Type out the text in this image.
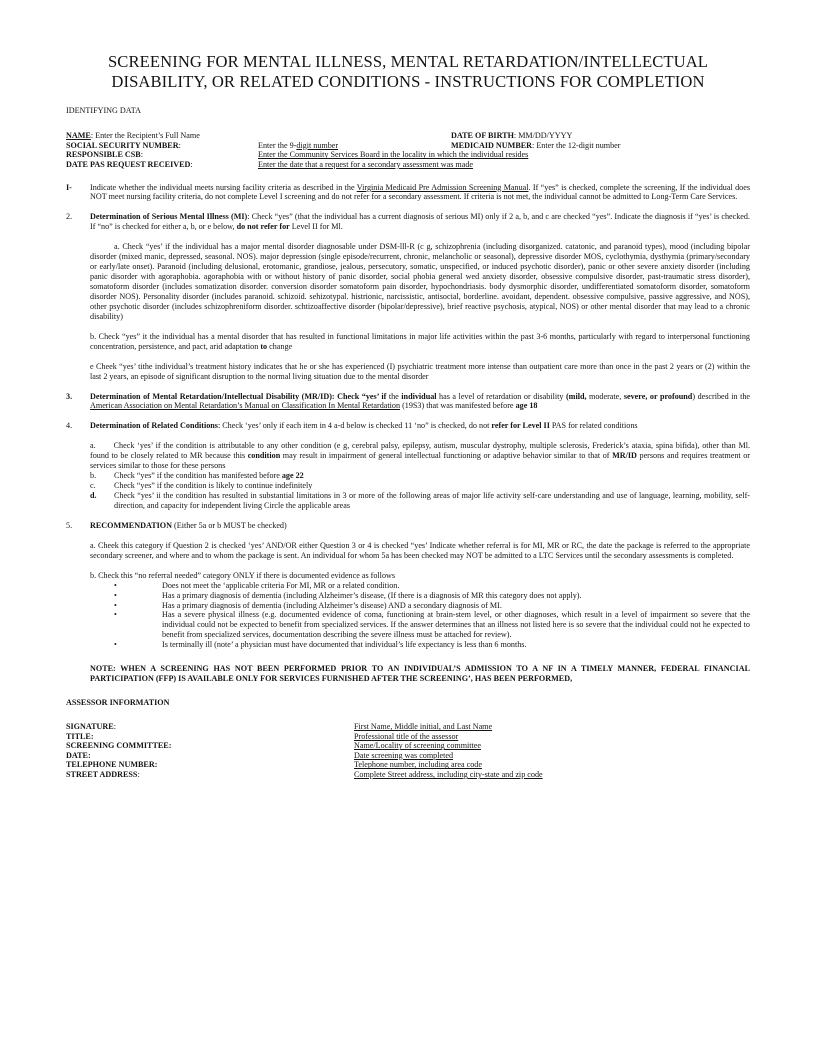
SCREENING FOR MENTAL ILLNESS, MENTAL RETARDATION/INTELLECTUAL
DISABILITY, OR RELATED CONDITIONS - INSTRUCTIONS FOR COMPLETION
IDENTIFYING DATA
NAME: Enter the Recipient’s Full Name		DATE OF BIRTH: MM/DD/YYYY
SOCIAL SECURITY NUMBER:	Enter the 9-digit number	MEDICAID NUMBER: Enter the 12-digit number
RESPONSIBLE CSB:	Enter the Community Services Board in the locality in which the individual resides	
DATE PAS REQUEST RECEIVED:	Enter the date that a request for a secondary assessment was made	
I-	Indicate whether the individual meets nursing facility criteria as described in the Virginia Medicaid Pre Admission Screening Manual. If “yes” is checked, complete the screening, If the individual does NOT meet nursing facility criteria, do not complete Level I screening and do not refer for a secondary assessment. If criteria is not met, the individual cannot be admitted to Long-Term Care Services.
2.	Determination of Serious Mental Illness (MI): Check “yes” (that the individual has a current diagnosis of serious MI) only if 2 a, b, and c are checked “yes”. Indicate the diagnosis if “yes’ is checked. If “no” is checked for either a, b, or e below, do not refer for Level II for Ml.

a. Check “yes’ if the individual has a major mental disorder diagnosable under DSM-lll-R (c g, schizophrenia (including disorganized. catatonic, and paranoid types), mood (including bipolar disorder (mixed manic, depressed, seasonal. NOS). major depression (single episode/recurrent, chronic, melancholic or seasonal), depressive disorder MOS, cyclothymia, dysthymia (primary/secondary or early/late onset). Paranoid (including delusional, erotomanic, grandiose, jealous, persecutory, somatic, unspecified, or induced psychotic disorder), panic or other severe anxiety disorder (including panic disorder with agoraphobia. agoraphobia with or without history of panic disorder, social phobia general wed anxiety disorder, obsessive compulsive disorder, past-traumatic stress disorder), somatoform disorder (includes somatization disorder. conversion disorder somatoform pain disorder, hypochondriasis. body dysmorphic disorder, undifferentiated somatoform disorder, somatoform disorder NOS). Personality disorder (includes paranoid. schizoid. sehizotypal. histrionic, narcissistic, antisocial, borderline. avoidant, dependent. obsessive compulsive, passive aggressive, and NOS), other psychotic disorder (includes schizophreniform disorder. schtizoaffective disorder (bipolar/depressive), brief reactive psychosis, atypical, NOS) or other mental disorder that may lead to a chronic disability)

b. Check “yes” it the individual has a mental disorder that has resulted in functional limitations in major life activities within the past 3-6 months, particularly with regard to interpersonal functioning concentration, persistence, and pact, arid adaptation to change

e Cheek “yes’ tithe individual’s treatment history indicates that he or she has experienced (I) psychiatric treatment more intense than outpatient care more than once in the past 2 years or (2) within the last 2 years, an episode of significant disruption to the normal living situation due to the mental disorder

3.	Determination of Mental Retardation/Intellectual Disability (MR/ID): Check “yes’ if the individual has a level of retardation or disability (mild, moderate, severe, or profound) described in the American Association on Mental Retardation’s Manual on Classification In Mental Retardation (19S3) that was manifested before age 18
4.	Determination of Related Conditions: Check ‘yes’ only if each item in 4 a-d below is checked 11 ‘no” is checked, do not refer for Level II PAS for related conditions

a. Check ‘yes’ if the condition is attributable to any other condition (e g, cerebral palsy, epilepsy, autism, muscular dystrophy, multiple sclerosis, Frederick’s ataxia, spina bifida), other than Ml. found to be closely related to MR because this condition may result in impairment of general intellectual functioning or adaptive behavior similar to that of MR/ID persons and requires treatment or services similar to those for these persons

b.	Check “yes” if the condition has manifested before age 22
c.	Check “yes” if the condition is likely to continue indefinitely
d.	Check “yes’ ii the condition has resulted in substantial limitations in 3 or more of the following areas of major life activity self-care understanding and use of language, learning, mobility, self-direction, and capacity for independent living Circle the applicable areas
5.	RECOMMENDATION (Either 5a or b MUST be checked)

a. Cheek this category if Question 2 is checked ‘yes’ AND/OR either Question 3 or 4 is checked “yes’ Indicate whether referral is for MI, MR or RC, the date the package is referred to the appropriate secondary screener, and where and to whom the package is sent. An individual for whom 5a has been checked may NOT be admitted to a LTC Services until the secondary assessments is completed.

b. Check this “no referral needed” category ONLY if there is documented evidence as follows

•	Does not meet the ‘applicable criteria For MI, MR or a related condition.
•	Has a primary diagnosis of dementia (including Alzheimer’s disease, (If there is a diagnosis of MR this category does not apply).
•	Has a primary diagnosis of dementia (including Alzheimer’s disease) AND a secondary diagnosis of MI.
•	Has a severe physical illness (e.g. documented evidence of coma, functioning at brain-stem level, or other diagnoses, which result in a level of impairment so severe that the individual could not be expected to benefit from specialized services. If the answer determines that an illness not listed here is so severe that the individual could not he expected to benefit from specialized services, documentation describing the severe illness must be attached for review).
•	Is terminally ill (note’ a physician must have documented that individual’s life expectancy is less than 6 months.
NOTE: WHEN A SCREENING HAS NOT BEEN PERFORMED PRIOR TO AN INDIVIDUAL’S ADMISSION TO A NF IN A TIMELY MANNER, FEDERAL FINANCIAL PARTICIPATION (FFP) IS AVAILABLE ONLY FOR SERVICES FURNISHED AFTER THE SCREENING’, HAS BEEN PERFORMED,
ASSESSOR INFORMATION
SIGNATURE:	First Name, Middle initial, and Last Name
TITLE:	Professional title of the assessor
SCREENING COMMITTEE:	Name/Locality of screening committee
DATE:	Date screening was completed
TELEPHONE NUMBER:	Telephone number, including area code
STREET ADDRESS:	Complete Street address, including city-state and zip code
